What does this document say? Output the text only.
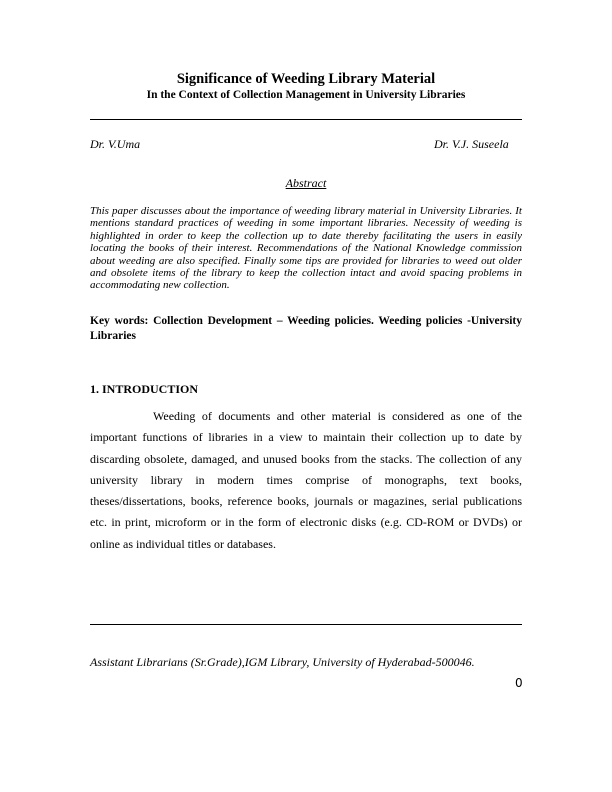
Significance of Weeding Library Material
In the Context of Collection Management in University Libraries
Dr. V.Uma	Dr. V.J. Suseela
Abstract

This paper discusses about the importance of weeding library material in University Libraries. It mentions standard practices of weeding in some important libraries. Necessity of weeding is highlighted in order to keep the collection up to date thereby facilitating the users in easily locating the books of their interest. Recommendations of the National Knowledge commission about weeding are also specified. Finally some tips are provided for libraries to weed out older and obsolete items of the library to keep the collection intact and avoid spacing problems in accommodating new collection.

Key words: Collection Development – Weeding policies. Weeding policies -University Libraries

1. INTRODUCTION

Weeding of documents and other material is considered as one of the important functions of libraries in a view to maintain their collection up to date by discarding obsolete, damaged, and unused books from the stacks. The collection of any university library in modern times comprise of monographs, text books, theses/dissertations, books, reference books, journals or magazines, serial publications etc. in print, microform or in the form of electronic disks (e.g. CD-ROM or DVDs) or online as individual titles or databases.

Assistant Librarians (Sr.Grade),IGM Library, University of Hyderabad-500046.
0
